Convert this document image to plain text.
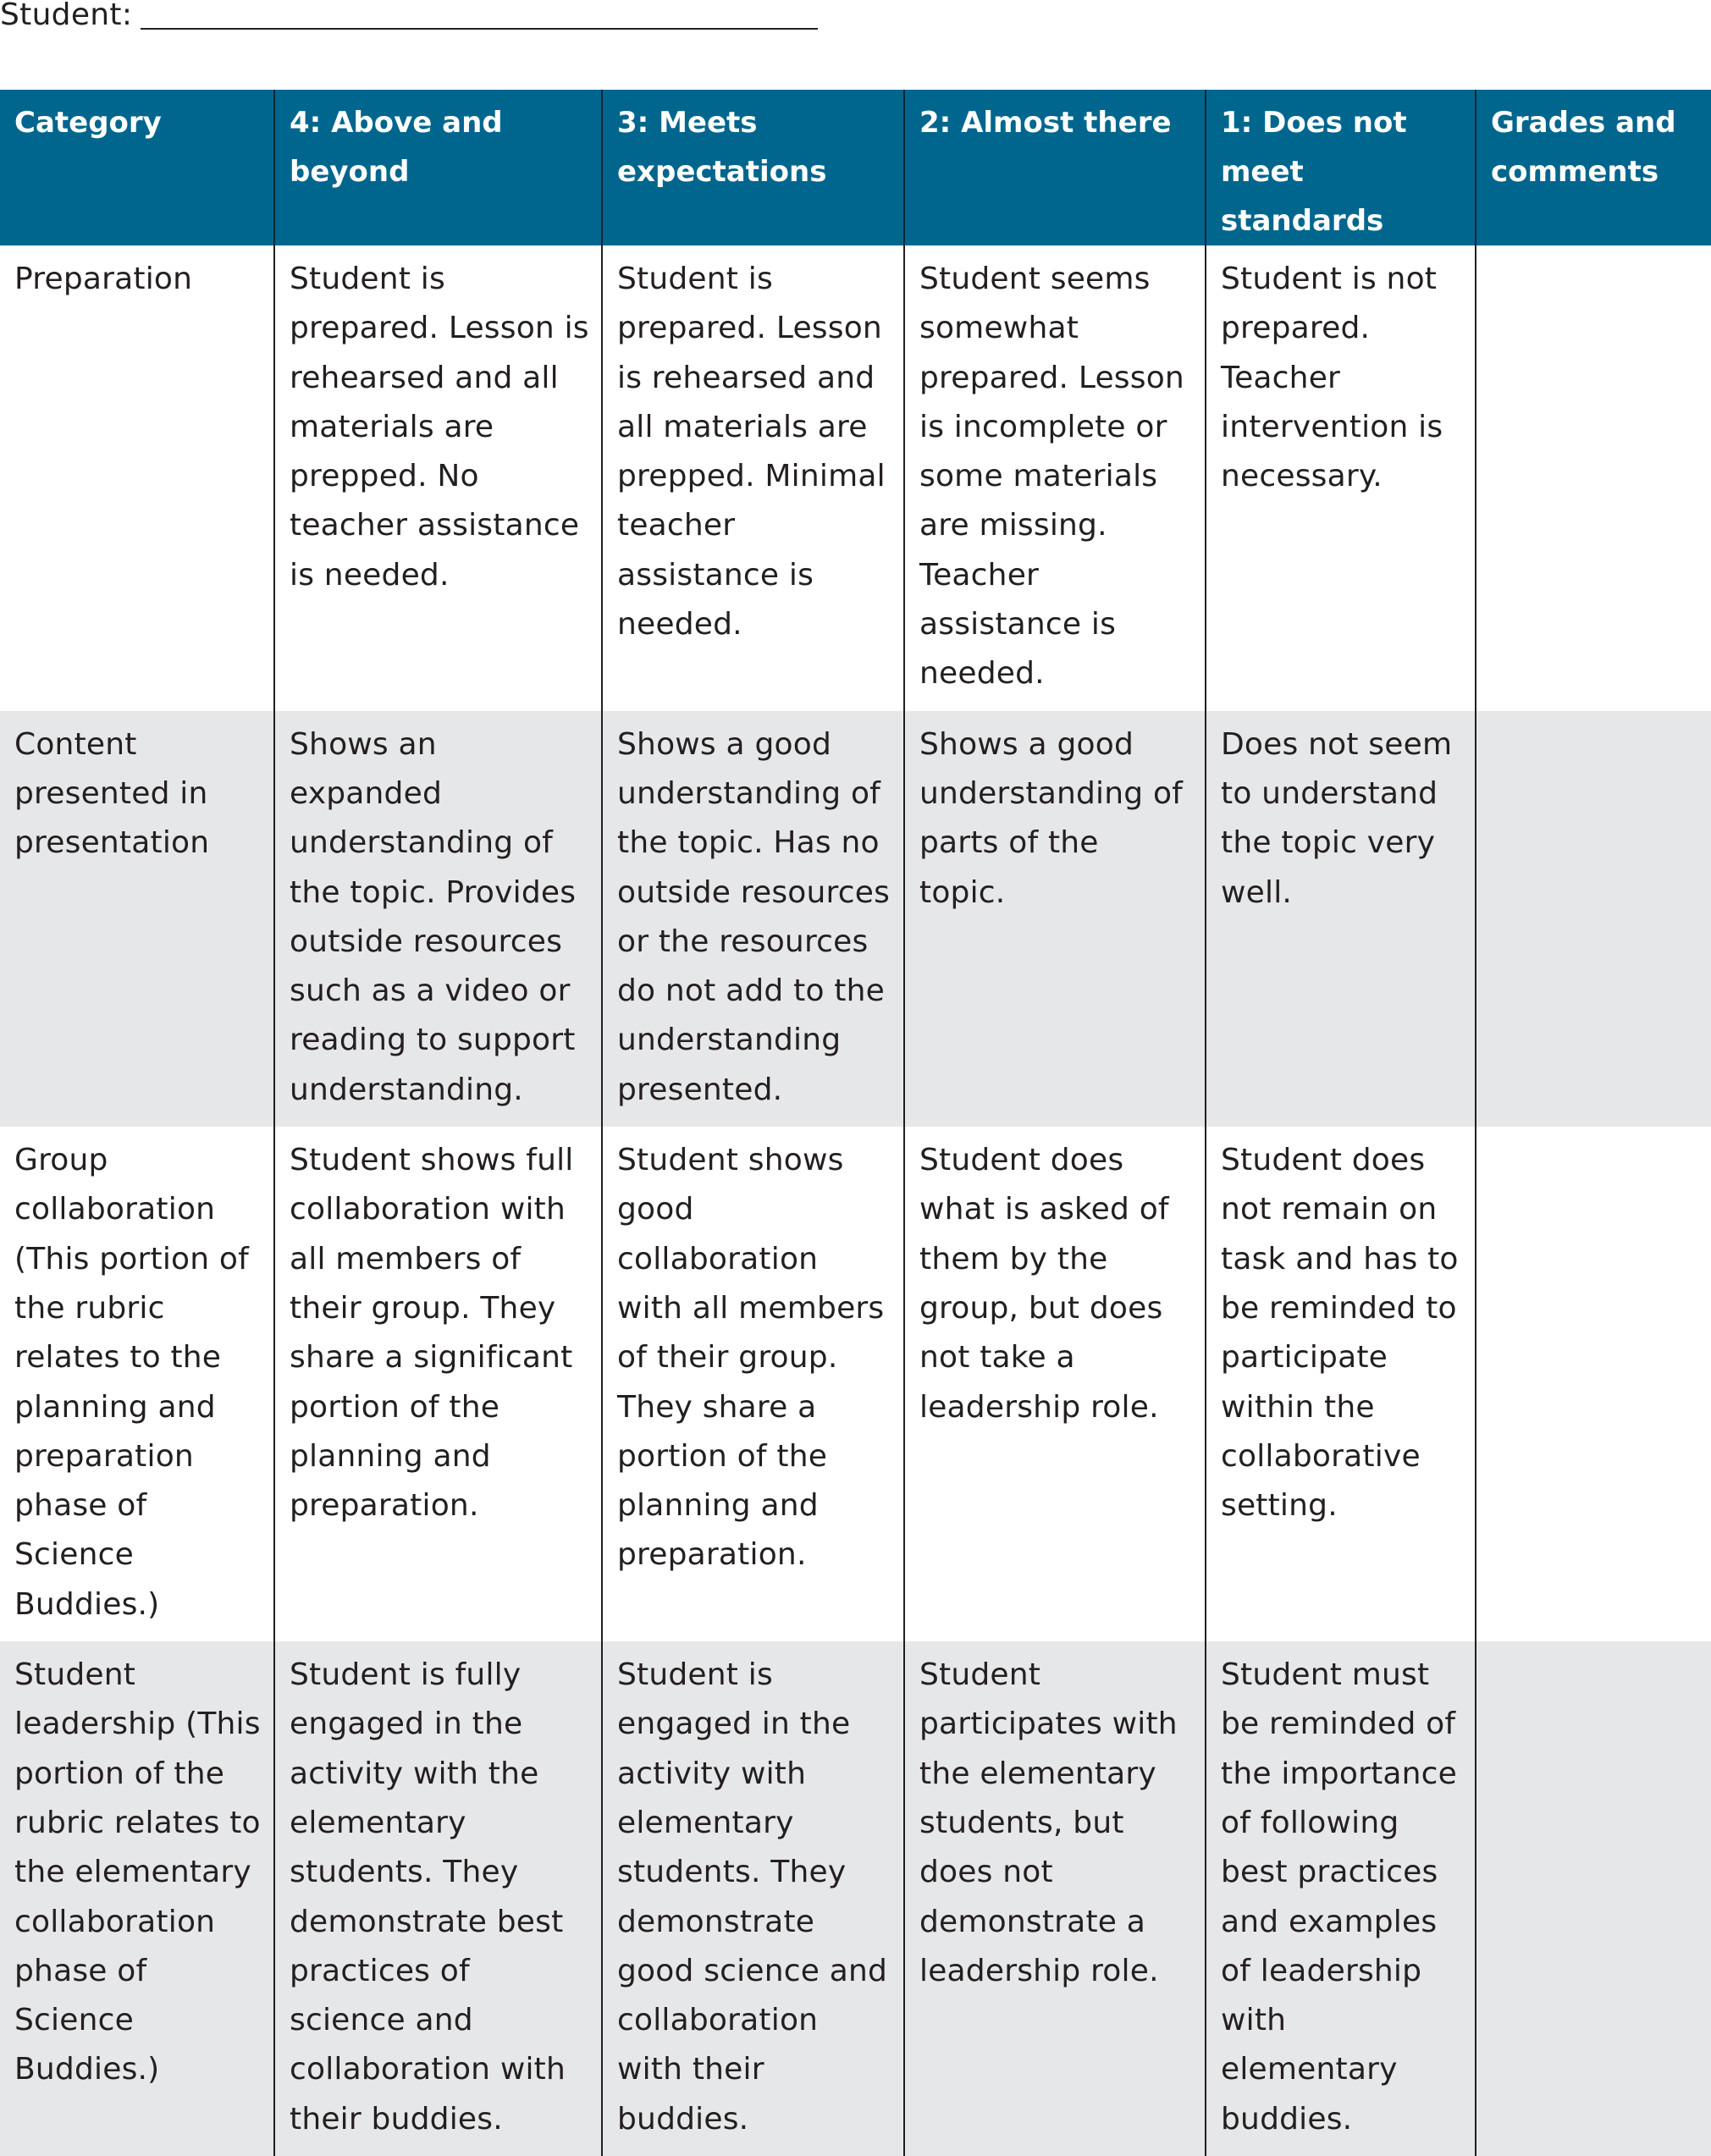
Student:
Category	4: Above and beyond	3: Meets expectations	2: Almost there	1: Does not meet standards	Grades and comments
Preparation	Student is prepared. Lesson is rehearsed and all materials are prepped. No teacher assistance is needed.	Student is prepared. Lesson is rehearsed and all materials are prepped. Minimal teacher assistance is needed.	Student seems somewhat prepared. Lesson is incomplete or some materials are missing. Teacher assistance is needed.	Student is not prepared. Teacher intervention is necessary.	
Content presented in presentation	Shows an expanded understanding of the topic. Provides outside resources such as a video or reading to support understanding.	Shows a good understanding of the topic. Has no outside resources or the resources do not add to the understanding presented.	Shows a good understanding of parts of the topic.	Does not seem to understand the topic very well.	
Group collaboration (This portion of the rubric relates to the planning and preparation phase of Science Buddies.)	Student shows full collaboration with all members of their group. They share a significant portion of the planning and preparation.	Student shows good collaboration with all members of their group. They share a portion of the planning and preparation.	Student does what is asked of them by the group, but does not take a leadership role.	Student does not remain on task and has to be reminded to participate within the collaborative setting.	
Student leadership (This portion of the rubric relates to the elementary collaboration phase of Science Buddies.)	Student is fully engaged in the activity with the elementary students. They demonstrate best practices of science and collaboration with their buddies.	Student is engaged in the activity with elementary students. They demonstrate good science and collaboration with their buddies.	Student participates with the elementary students, but does not demonstrate a leadership role.	Student must be reminded of the importance of following best practices and examples of leadership with elementary buddies.	
